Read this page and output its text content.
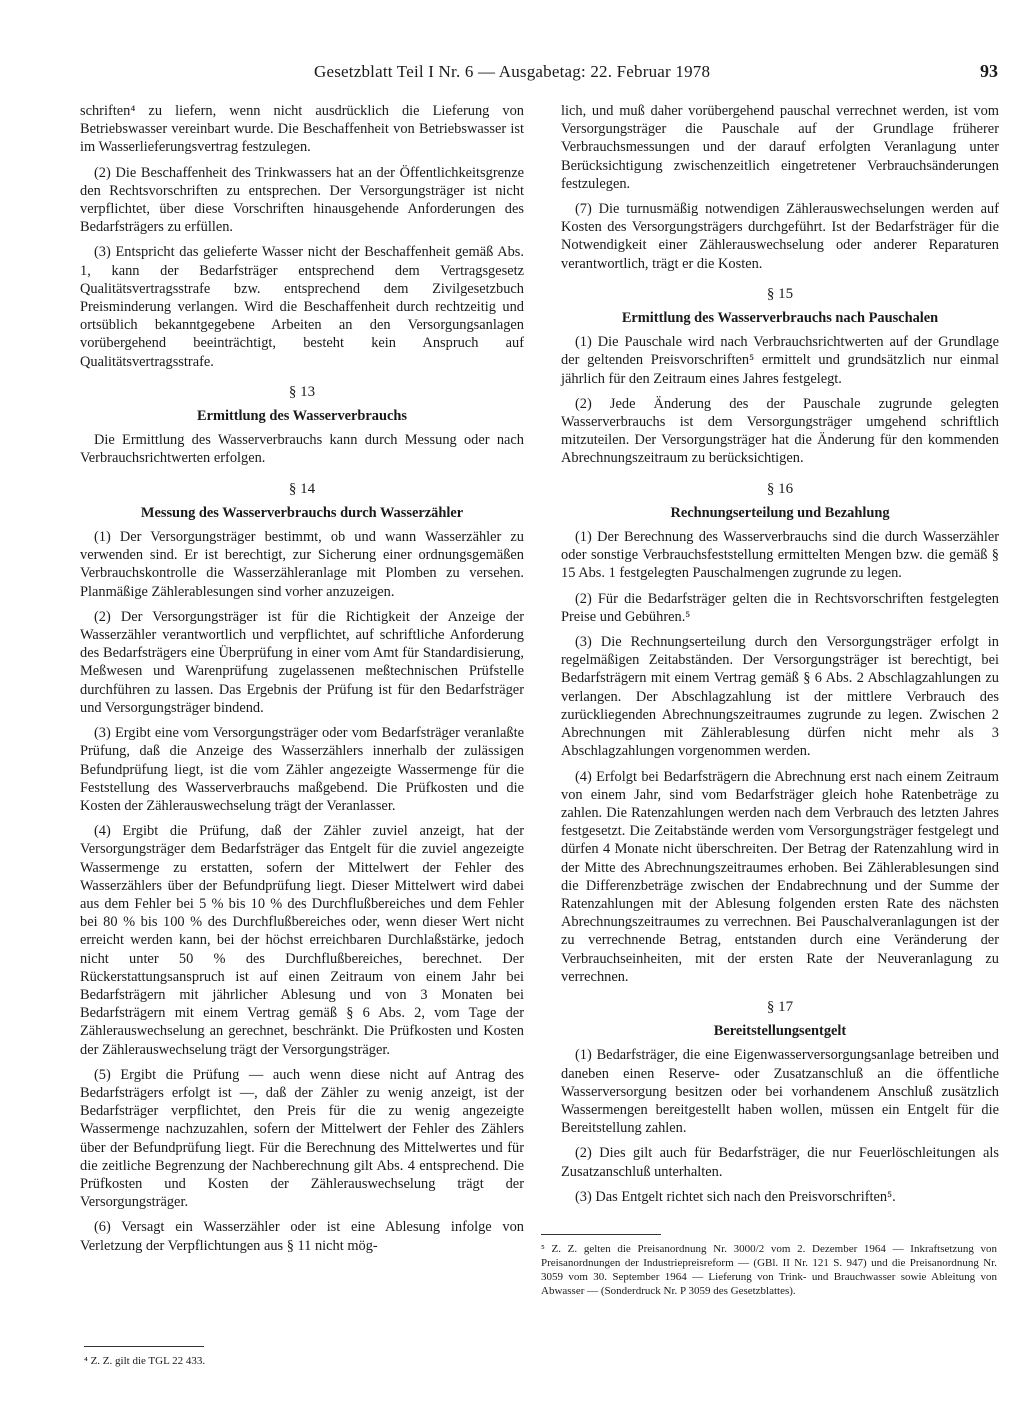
Gesetzblatt Teil I Nr. 6 — Ausgabetag: 22. Februar 1978	93

schriften⁴ zu liefern, wenn nicht ausdrücklich die Lieferung von Betriebswasser vereinbart wurde. Die Beschaffenheit von Betriebswasser ist im Wasserlieferungsvertrag festzulegen.

(2) Die Beschaffenheit des Trinkwassers hat an der Öffentlichkeitsgrenze den Rechtsvorschriften zu entsprechen. Der Versorgungsträger ist nicht verpflichtet, über diese Vorschriften hinausgehende Anforderungen des Bedarfsträgers zu erfüllen.

(3) Entspricht das gelieferte Wasser nicht der Beschaffenheit gemäß Abs. 1, kann der Bedarfsträger entsprechend dem Vertragsgesetz Qualitätsvertragsstrafe bzw. entsprechend dem Zivilgesetzbuch Preisminderung verlangen. Wird die Beschaffenheit durch rechtzeitig und ortsüblich bekanntgegebene Arbeiten an den Versorgungsanlagen vorübergehend beeinträchtigt, besteht kein Anspruch auf Qualitätsvertragsstrafe.

§ 13
Ermittlung des Wasserverbrauchs

Die Ermittlung des Wasserverbrauchs kann durch Messung oder nach Verbrauchsrichtwerten erfolgen.

§ 14
Messung des Wasserverbrauchs durch Wasserzähler

(1) Der Versorgungsträger bestimmt, ob und wann Wasserzähler zu verwenden sind. Er ist berechtigt, zur Sicherung einer ordnungsgemäßen Verbrauchskontrolle die Wasserzähleranlage mit Plomben zu versehen. Planmäßige Zählerablesungen sind vorher anzuzeigen.

(2) Der Versorgungsträger ist für die Richtigkeit der Anzeige der Wasserzähler verantwortlich und verpflichtet, auf schriftliche Anforderung des Bedarfsträgers eine Überprüfung in einer vom Amt für Standardisierung, Meßwesen und Warenprüfung zugelassenen meßtechnischen Prüfstelle durchführen zu lassen. Das Ergebnis der Prüfung ist für den Bedarfsträger und Versorgungsträger bindend.

(3) Ergibt eine vom Versorgungsträger oder vom Bedarfsträger veranlaßte Prüfung, daß die Anzeige des Wasserzählers innerhalb der zulässigen Befundprüfung liegt, ist die vom Zähler angezeigte Wassermenge für die Feststellung des Wasserverbrauchs maßgebend. Die Prüfkosten und die Kosten der Zählerauswechselung trägt der Veranlasser.

(4) Ergibt die Prüfung, daß der Zähler zuviel anzeigt, hat der Versorgungsträger dem Bedarfsträger das Entgelt für die zuviel angezeigte Wassermenge zu erstatten, sofern der Mittelwert der Fehler des Wasserzählers über der Befundprüfung liegt. Dieser Mittelwert wird dabei aus dem Fehler bei 5 % bis 10 % des Durchflußbereiches und dem Fehler bei 80 % bis 100 % des Durchflußbereiches oder, wenn dieser Wert nicht erreicht werden kann, bei der höchst erreichbaren Durchlaßstärke, jedoch nicht unter 50 % des Durchflußbereiches, berechnet. Der Rückerstattungsanspruch ist auf einen Zeitraum von einem Jahr bei Bedarfsträgern mit jährlicher Ablesung und von 3 Monaten bei Bedarfsträgern mit einem Vertrag gemäß § 6 Abs. 2, vom Tage der Zählerauswechselung an gerechnet, beschränkt. Die Prüfkosten und Kosten der Zählerauswechselung trägt der Versorgungsträger.

(5) Ergibt die Prüfung — auch wenn diese nicht auf Antrag des Bedarfsträgers erfolgt ist —, daß der Zähler zu wenig anzeigt, ist der Bedarfsträger verpflichtet, den Preis für die zu wenig angezeigte Wassermenge nachzuzahlen, sofern der Mittelwert der Fehler des Zählers über der Befundprüfung liegt. Für die Berechnung des Mittelwertes und für die zeitliche Begrenzung der Nachberechnung gilt Abs. 4 entsprechend. Die Prüfkosten und Kosten der Zählerauswechselung trägt der Versorgungsträger.

(6) Versagt ein Wasserzähler oder ist eine Ablesung infolge von Verletzung der Verpflichtungen aus § 11 nicht mög-

⁴ Z. Z. gilt die TGL 22 433.

lich, und muß daher vorübergehend pauschal verrechnet werden, ist vom Versorgungsträger die Pauschale auf der Grundlage früherer Verbrauchsmessungen und der darauf erfolgten Veranlagung unter Berücksichtigung zwischenzeitlich eingetretener Verbrauchsänderungen festzulegen.

(7) Die turnusmäßig notwendigen Zählerauswechselungen werden auf Kosten des Versorgungsträgers durchgeführt. Ist der Bedarfsträger für die Notwendigkeit einer Zählerauswechselung oder anderer Reparaturen verantwortlich, trägt er die Kosten.

§ 15
Ermittlung des Wasserverbrauchs nach Pauschalen

(1) Die Pauschale wird nach Verbrauchsrichtwerten auf der Grundlage der geltenden Preisvorschriften⁵ ermittelt und grundsätzlich nur einmal jährlich für den Zeitraum eines Jahres festgelegt.

(2) Jede Änderung des der Pauschale zugrunde gelegten Wasserverbrauchs ist dem Versorgungsträger umgehend schriftlich mitzuteilen. Der Versorgungsträger hat die Änderung für den kommenden Abrechnungszeitraum zu berücksichtigen.

§ 16
Rechnungserteilung und Bezahlung

(1) Der Berechnung des Wasserverbrauchs sind die durch Wasserzähler oder sonstige Verbrauchsfeststellung ermittelten Mengen bzw. die gemäß § 15 Abs. 1 festgelegten Pauschalmengen zugrunde zu legen.

(2) Für die Bedarfsträger gelten die in Rechtsvorschriften festgelegten Preise und Gebühren.⁵

(3) Die Rechnungserteilung durch den Versorgungsträger erfolgt in regelmäßigen Zeitabständen. Der Versorgungsträger ist berechtigt, bei Bedarfsträgern mit einem Vertrag gemäß § 6 Abs. 2 Abschlagzahlungen zu verlangen. Der Abschlagzahlung ist der mittlere Verbrauch des zurückliegenden Abrechnungszeitraumes zugrunde zu legen. Zwischen 2 Abrechnungen mit Zählerablesung dürfen nicht mehr als 3 Abschlagzahlungen vorgenommen werden.

(4) Erfolgt bei Bedarfsträgern die Abrechnung erst nach einem Zeitraum von einem Jahr, sind vom Bedarfsträger gleich hohe Ratenbeträge zu zahlen. Die Ratenzahlungen werden nach dem Verbrauch des letzten Jahres festgesetzt. Die Zeitabstände werden vom Versorgungsträger festgelegt und dürfen 4 Monate nicht überschreiten. Der Betrag der Ratenzahlung wird in der Mitte des Abrechnungszeitraumes erhoben. Bei Zählerablesungen sind die Differenzbeträge zwischen der Endabrechnung und der Summe der Ratenzahlungen mit der Ablesung folgenden ersten Rate des nächsten Abrechnungszeitraumes zu verrechnen. Bei Pauschalveranlagungen ist der zu verrechnende Betrag, entstanden durch eine Veränderung der Verbrauchseinheiten, mit der ersten Rate der Neuveranlagung zu verrechnen.

§ 17
Bereitstellungsentgelt

(1) Bedarfsträger, die eine Eigenwasserversorgungsanlage betreiben und daneben einen Reserve- oder Zusatzanschluß an die öffentliche Wasserversorgung besitzen oder bei vorhandenem Anschluß zusätzlich Wassermengen bereitgestellt haben wollen, müssen ein Entgelt für die Bereitstellung zahlen.

(2) Dies gilt auch für Bedarfsträger, die nur Feuerlöschleitungen als Zusatzanschluß unterhalten.

(3) Das Entgelt richtet sich nach den Preisvorschriften⁵.

⁵ Z. Z. gelten die Preisanordnung Nr. 3000/2 vom 2. Dezember 1964 — Inkraftsetzung von Preisanordnungen der Industriepreisreform — (GBl. II Nr. 121 S. 947) und die Preisanordnung Nr. 3059 vom 30. September 1964 — Lieferung von Trink- und Brauchwasser sowie Ableitung von Abwasser — (Sonderdruck Nr. P 3059 des Gesetzblattes).
